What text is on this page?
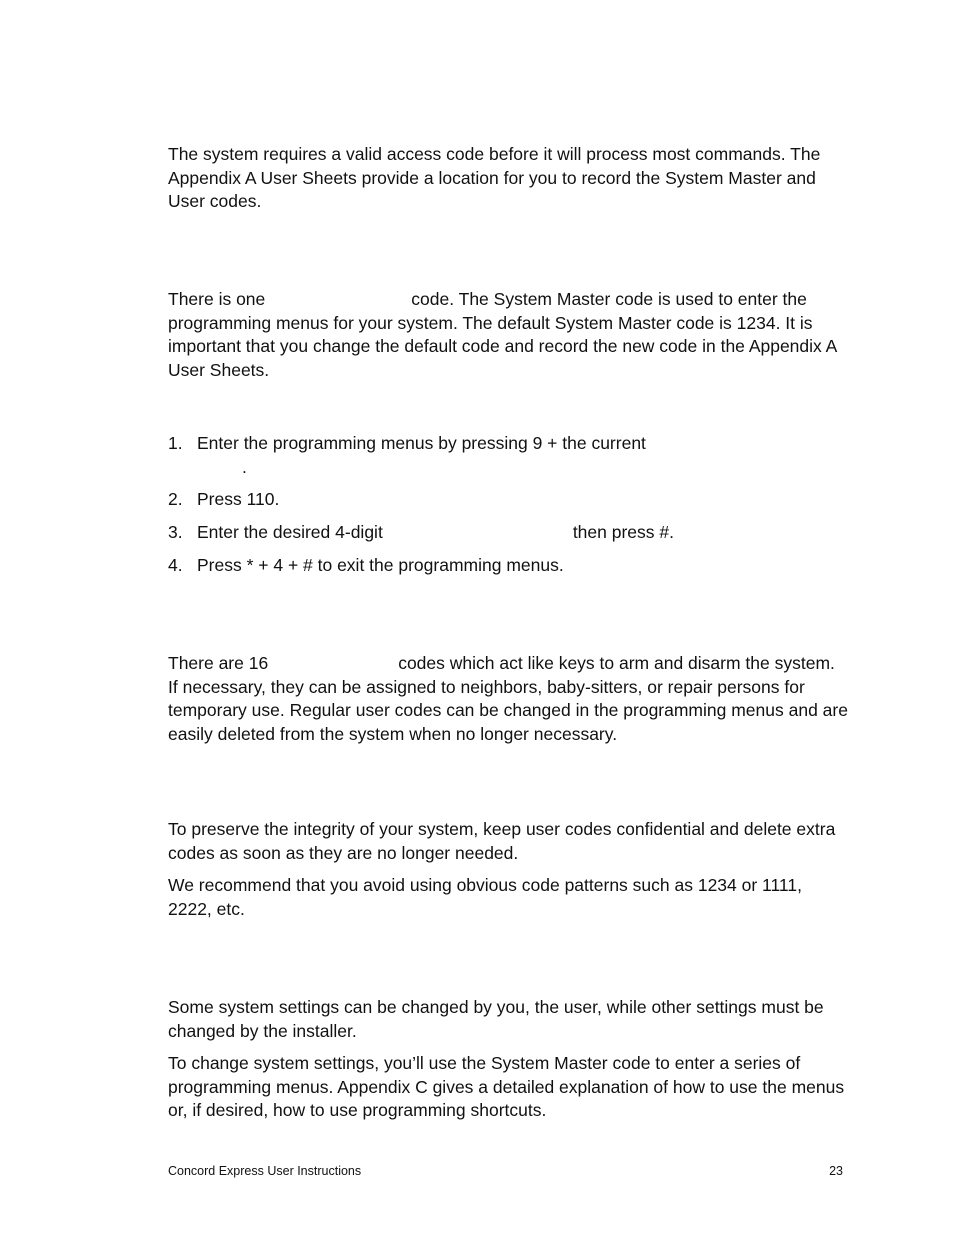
The system requires a valid access code before it will process most commands. The Appendix A User Sheets provide a location for you to record the System Master and User codes.

There is one	code. The System Master code is used to enter the programming menus for your system. The default System Master code is 1234. It is important that you change the default code and record the new code in the Appendix A User Sheets.

1. Enter the programming menus by pressing 9 + the current
.
2. Press 110.
3. Enter the desired 4-digit	then press #.
4. Press * + 4 + # to exit the programming menus.

There are 16	codes which act like keys to arm and disarm the system. If necessary, they can be assigned to neighbors, baby-sitters, or repair persons for temporary use. Regular user codes can be changed in the programming menus and are easily deleted from the system when no longer necessary.

To preserve the integrity of your system, keep user codes confidential and delete extra codes as soon as they are no longer needed.

We recommend that you avoid using obvious code patterns such as 1234 or 1111, 2222, etc.

Some system settings can be changed by you, the user, while other settings must be changed by the installer.

To change system settings, you’ll use the System Master code to enter a series of programming menus. Appendix C gives a detailed explanation of how to use the menus or, if desired, how to use programming shortcuts.

Concord Express User Instructions	23
